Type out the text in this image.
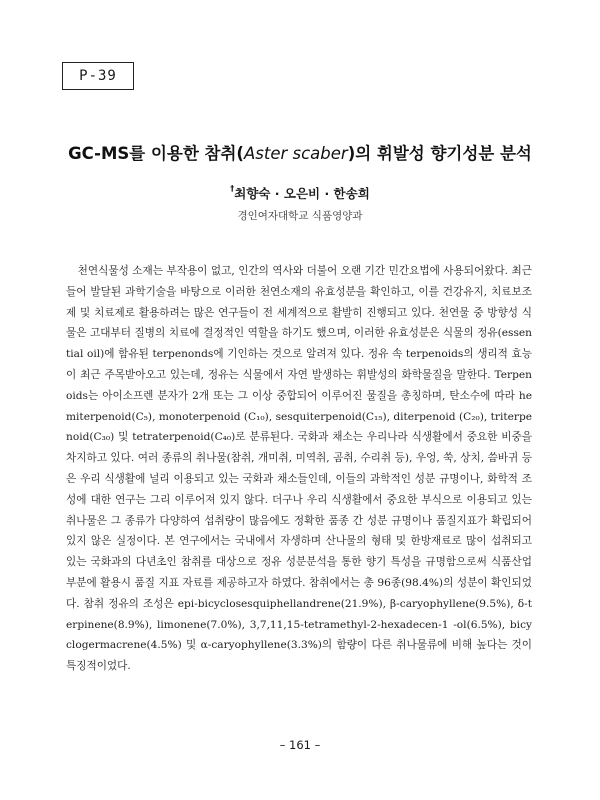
P-39
GC-MS를 이용한 참취(Aster scaber)의 휘발성 향기성분 분석
†최향숙 · 오은비 · 한송희
경인여자대학교 식품영양과

천연식물성 소재는 부작용이 없고, 인간의 역사와 더불어 오랜 기간 민간요법에 사용되어왔다. 최근 들어 발달된 과학기술을 바탕으로 이러한 천연소재의 유효성분을 확인하고, 이를 건강유지, 치료보조제 및 치료제로 활용하려는 많은 연구들이 전 세계적으로 활발히 진행되고 있다. 천연물 중 방향성 식물은 고대부터 질병의 치료에 결정적인 역할을 하기도 했으며, 이러한 유효성분은 식물의 정유(essential oil)에 함유된 terpenonds에 기인하는 것으로 알려져 있다. 정유 속 terpenoids의 생리적 효능이 최근 주목받아오고 있는데, 정유는 식물에서 자연 발생하는 휘발성의 화학물질을 말한다. Terpenoids는 아이소프렌 분자가 2개 또는 그 이상 중합되어 이루어진 물질을 총칭하며, 탄소수에 따라 hemiterpenoid(C₅), monoterpenoid (C₁₀), sesquiterpenoid(C₁₅), diterpenoid (C₂₀), triterpenoid(C₃₀) 및 tetraterpenoid(C₄₀)로 분류된다. 국화과 채소는 우리나라 식생활에서 중요한 비중을 차지하고 있다. 여러 종류의 취나물(참취, 개미취, 미역취, 곰취, 수리취 등), 우엉, 쑥, 상치, 씀바귀 등은 우리 식생활에 널리 이용되고 있는 국화과 채소들인데, 이들의 과학적인 성분 규명이나, 화학적 조성에 대한 연구는 그리 이루어져 있지 않다. 더구나 우리 식생활에서 중요한 부식으로 이용되고 있는 취나물은 그 종류가 다양하여 섭취량이 많음에도 정확한 품종 간 성분 규명이나 품질지표가 확립되어 있지 않은 실정이다. 본 연구에서는 국내에서 자생하며 산나물의 형태 및 한방재료로 많이 섭취되고 있는 국화과의 다년초인 참취를 대상으로 정유 성분분석을 통한 향기 특성을 규명함으로써 식품산업 부분에 활용시 품질 지표 자료를 제공하고자 하였다. 참취에서는 총 96종(98.4%)의 성분이 확인되었다. 참취 정유의 조성은 epi-bicyclosesquiphellandrene(21.9%), β-caryophyllene(9.5%), δ-terpinene(8.9%), limonene(7.0%), 3,7,11,15-tetramethyl-2-hexadecen-1 -ol(6.5%), bicyclogermacrene(4.5%) 및 α-caryophyllene(3.3%)의 함량이 다른 취나물류에 비해 높다는 것이 특징적이었다.

– 161 –
